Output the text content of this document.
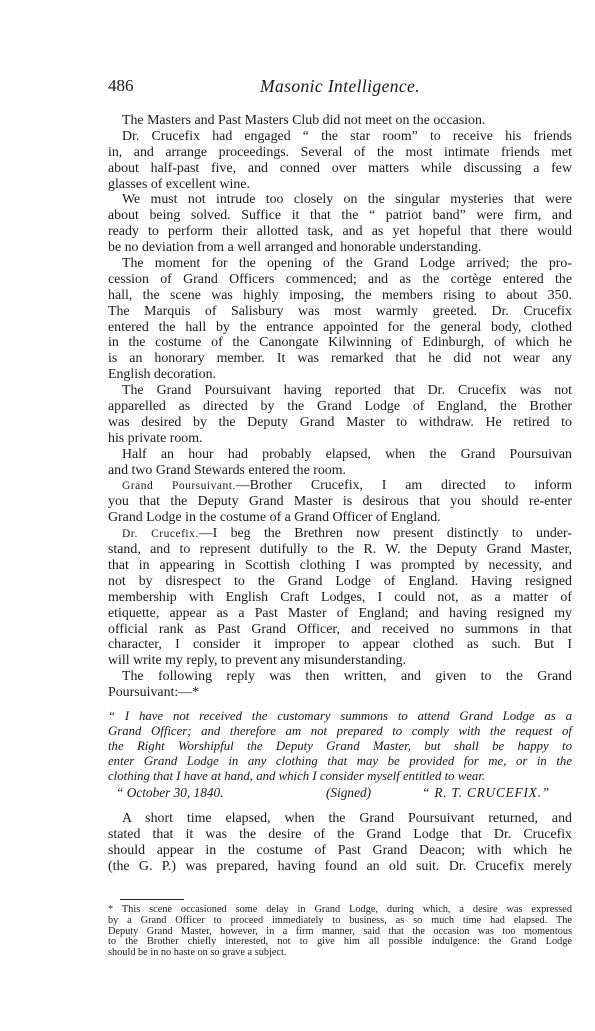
486	Masonic Intelligence.
The Masters and Past Masters Club did not meet on the occasion.
Dr. Crucefix had engaged “ the star room” to receive his friends
in, and arrange proceedings. Several of the most intimate friends met
about half-past five, and conned over matters while discussing a few
glasses of excellent wine.
We must not intrude too closely on the singular mysteries that were
about being solved. Suffice it that the “ patriot band” were firm, and
ready to perform their allotted task, and as yet hopeful that there would
be no deviation from a well arranged and honorable understanding.
The moment for the opening of the Grand Lodge arrived; the pro-
cession of Grand Officers commenced; and as the cortège entered the
hall, the scene was highly imposing, the members rising to about 350.
The Marquis of Salisbury was most warmly greeted. Dr. Crucefix
entered the hall by the entrance appointed for the general body, clothed
in the costume of the Canongate Kilwinning of Edinburgh, of which he
is an honorary member. It was remarked that he did not wear any
English decoration.
The Grand Poursuivant having reported that Dr. Crucefix was not
apparelled as directed by the Grand Lodge of England, the Brother
was desired by the Deputy Grand Master to withdraw. He retired to
his private room.
Half an hour had probably elapsed, when the Grand Poursuivan
and two Grand Stewards entered the room.
Grand Poursuivant.—Brother Crucefix, I am directed to inform
you that the Deputy Grand Master is desirous that you should re-enter
Grand Lodge in the costume of a Grand Officer of England.
Dr. Crucefix.—I beg the Brethren now present distinctly to under-
stand, and to represent dutifully to the R. W. the Deputy Grand Master,
that in appearing in Scottish clothing I was prompted by necessity, and
not by disrespect to the Grand Lodge of England. Having resigned
membership with English Craft Lodges, I could not, as a matter of
etiquette, appear as a Past Master of England; and having resigned my
official rank as Past Grand Officer, and received no summons in that
character, I consider it improper to appear clothed as such. But I
will write my reply, to prevent any misunderstanding.
The following reply was then written, and given to the Grand
Poursuivant:—*
“ I have not received the customary summons to attend Grand Lodge as a
Grand Officer; and therefore am not prepared to comply with the request of
the Right Worshipful the Deputy Grand Master, but shall be happy to
enter Grand Lodge in any clothing that may be provided for me, or in the
clothing that I have at hand, and which I consider myself entitled to wear.
“ October 30, 1840.	(Signed)	“ R. T. CRUCEFIX.”
A short time elapsed, when the Grand Poursuivant returned, and
stated that it was the desire of the Grand Lodge that Dr. Crucefix
should appear in the costume of Past Grand Deacon; with which he
(the G. P.) was prepared, having found an old suit. Dr. Crucefix merely
* This scene occasioned some delay in Grand Lodge, during which, a desire was expressed
by a Grand Officer to proceed immediately to business, as so much time had elapsed. The
Deputy Grand Master, however, in a firm manner, said that the occasion was too momentous
to the Brother chiefly interested, not to give him all possible indulgence: the Grand Lodge
should be in no haste on so grave a subject.
